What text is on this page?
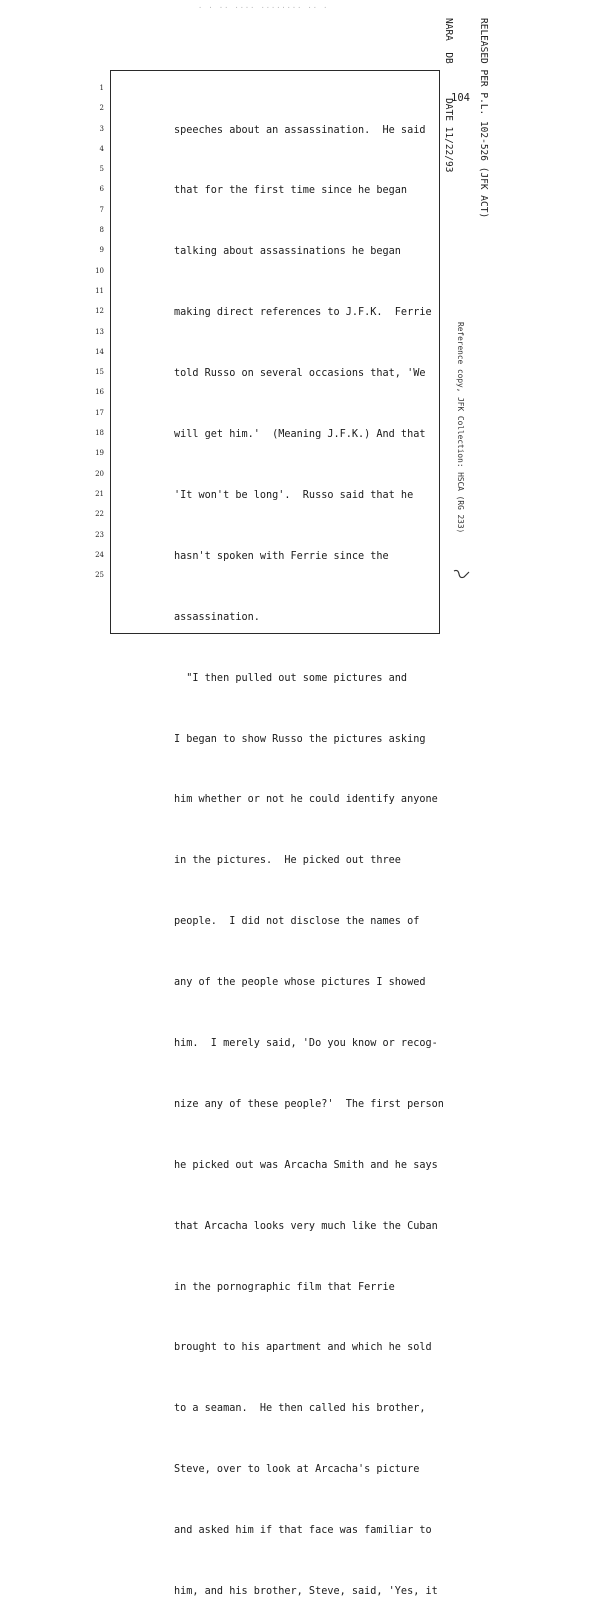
· · ·· ···· ········ ·· ·
1
2
3
4
5
6
7
8
9
10
11
12
13
14
15
16
17
18
19
20
21
22
23
24
25

speeches about an assassination.  He said

that for the first time since he began

talking about assassinations he began

making direct references to J.F.K.  Ferrie

told Russo on several occasions that, 'We

will get him.'  (Meaning J.F.K.) And that

'It won't be long'.  Russo said that he

hasn't spoken with Ferrie since the

assassination.

"I then pulled out some pictures and

I began to show Russo the pictures asking

him whether or not he could identify anyone

in the pictures.  He picked out three

people.  I did not disclose the names of

any of the people whose pictures I showed

him.  I merely said, 'Do you know or recog-

nize any of these people?'  The first person

he picked out was Arcacha Smith and he says

that Arcacha looks very much like the Cuban

in the pornographic film that Ferrie

brought to his apartment and which he sold

to a seaman.  He then called his brother,

Steve, over to look at Arcacha's picture

and asked him if that face was familiar to

him, and his brother, Steve, said, 'Yes, it

104

RELEASED PER P.L. 102-526 (JFK ACT)

NARA  DB      DATE 11/22/93

Reference copy, JFK Collection: HSCA (RG 233)
